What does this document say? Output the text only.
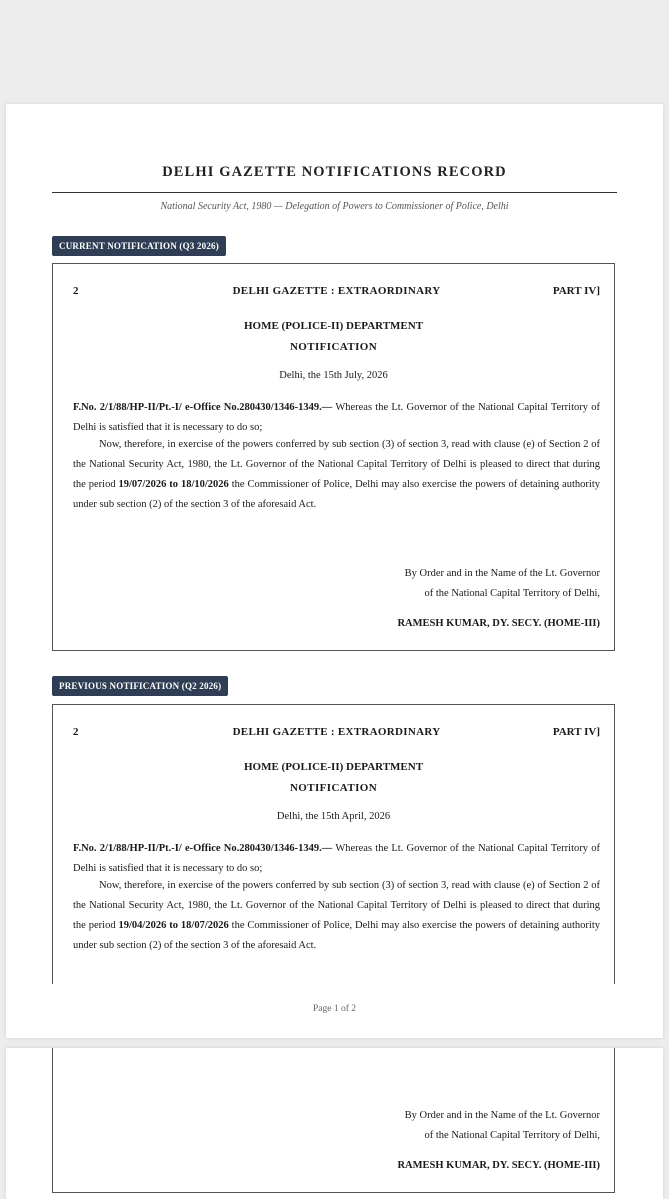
DELHI GAZETTE NOTIFICATIONS RECORD
National Security Act, 1980 — Delegation of Powers to Commissioner of Police, Delhi
CURRENT NOTIFICATION (Q3 2026)
2	DELHI GAZETTE : EXTRAORDINARY	PART IV]
HOME (POLICE-II) DEPARTMENT
NOTIFICATION
Delhi, the 15th July, 2026
F.No. 2/1/88/HP-II/Pt.-I/ e-Office No.280430/1346-1349.— Whereas the Lt. Governor of the National Capital Territory of Delhi is satisfied that it is necessary to do so;
Now, therefore, in exercise of the powers conferred by sub section (3) of section 3, read with clause (e) of Section 2 of the National Security Act, 1980, the Lt. Governor of the National Capital Territory of Delhi is pleased to direct that during the period 19/07/2026 to 18/10/2026 the Commissioner of Police, Delhi may also exercise the powers of detaining authority under sub section (2) of the section 3 of the aforesaid Act.
By Order and in the Name of the Lt. Governor
of the National Capital Territory of Delhi,
RAMESH KUMAR, DY. SECY. (HOME-III)
PREVIOUS NOTIFICATION (Q2 2026)
2	DELHI GAZETTE : EXTRAORDINARY	PART IV]
HOME (POLICE-II) DEPARTMENT
NOTIFICATION
Delhi, the 15th April, 2026
F.No. 2/1/88/HP-II/Pt.-I/ e-Office No.280430/1346-1349.— Whereas the Lt. Governor of the National Capital Territory of Delhi is satisfied that it is necessary to do so;
Now, therefore, in exercise of the powers conferred by sub section (3) of section 3, read with clause (e) of Section 2 of the National Security Act, 1980, the Lt. Governor of the National Capital Territory of Delhi is pleased to direct that during the period 19/04/2026 to 18/07/2026 the Commissioner of Police, Delhi may also exercise the powers of detaining authority under sub section (2) of the section 3 of the aforesaid Act.
Page 1 of 2
By Order and in the Name of the Lt. Governor
of the National Capital Territory of Delhi,
RAMESH KUMAR, DY. SECY. (HOME-III)
